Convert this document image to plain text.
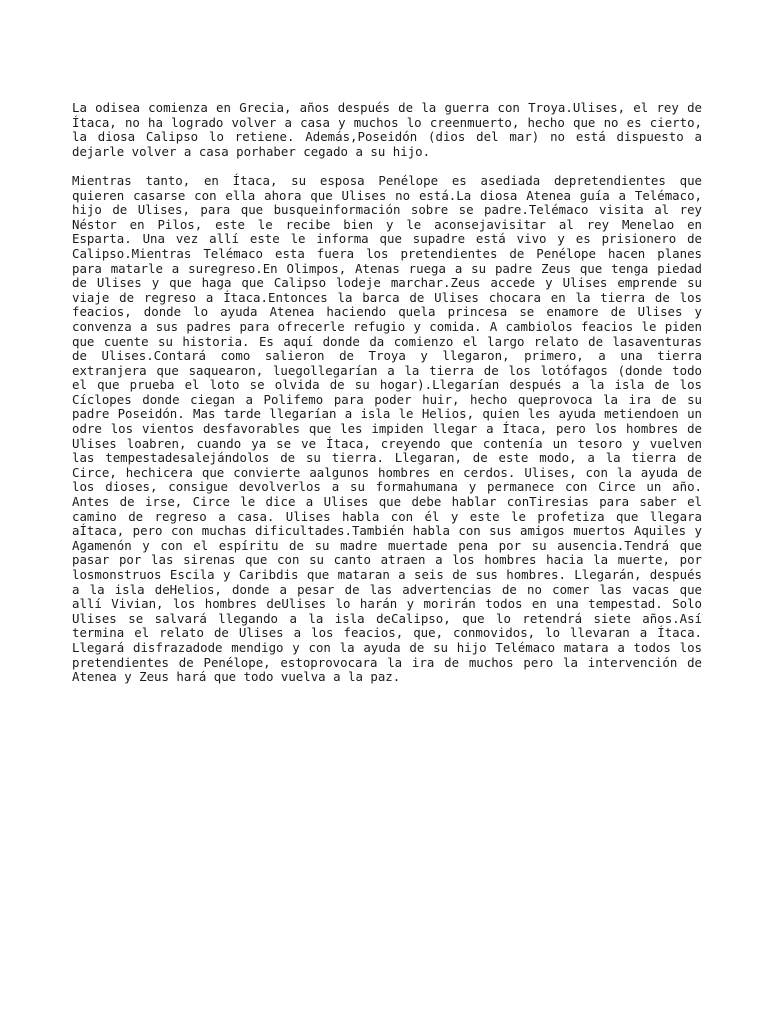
La odisea comienza en Grecia, años después de la guerra con Troya.Ulises, el rey de
Ítaca, no ha logrado volver a casa y muchos lo creenmuerto, hecho que no es cierto,
la diosa Calipso lo retiene. Además,Poseidón (dios del mar) no está dispuesto a
dejarle volver a casa porhaber cegado a su hijo.
Mientras tanto, en Ítaca, su esposa Penélope es asediada depretendientes que
quieren casarse con ella ahora que Ulises no está.La diosa Atenea guía a Telémaco,
hijo de Ulises, para que busqueinformación sobre se padre.Telémaco visita al rey
Néstor en Pilos, este le recibe bien y le aconsejavisitar al rey Menelao en
Esparta. Una vez allí este le informa que supadre está vivo y es prisionero de
Calipso.Mientras Telémaco esta fuera los pretendientes de Penélope hacen planes
para matarle a suregreso.En Olimpos, Atenas ruega a su padre Zeus que tenga piedad
de Ulises y que haga que Calipso lodeje marchar.Zeus accede y Ulises emprende su
viaje de regreso a Ítaca.Entonces la barca de Ulises chocara en la tierra de los
feacios, donde lo ayuda Atenea haciendo quela princesa se enamore de Ulises y
convenza a sus padres para ofrecerle refugio y comida. A cambiolos feacios le piden
que cuente su historia. Es aquí donde da comienzo el largo relato de lasaventuras
de Ulises.Contará como salieron de Troya y llegaron, primero, a una tierra
extranjera que saquearon, luegollegarían a la tierra de los lotófagos (donde todo
el que prueba el loto se olvida de su hogar).Llegarían después a la isla de los
Cíclopes donde ciegan a Polifemo para poder huir, hecho queprovoca la ira de su
padre Poseidón. Mas tarde llegarían a isla le Helios, quien les ayuda metiendoen un
odre los vientos desfavorables que les impiden llegar a Ítaca, pero los hombres de
Ulises loabren, cuando ya se ve Ítaca, creyendo que contenía un tesoro y vuelven
las tempestadesalejándolos de su tierra. Llegaran, de este modo, a la tierra de
Circe, hechicera que convierte aalgunos hombres en cerdos. Ulises, con la ayuda de
los dioses, consigue devolverlos a su formahumana y permanece con Circe un año.
Antes de irse, Circe le dice a Ulises que debe hablar conTiresias para saber el
camino de regreso a casa. Ulises habla con él y este le profetiza que llegara
aÍtaca, pero con muchas dificultades.También habla con sus amigos muertos Aquiles y
Agamenón y con el espíritu de su madre muertade pena por su ausencia.Tendrá que
pasar por las sirenas que con su canto atraen a los hombres hacia la muerte, por
losmonstruos Escila y Caribdis que mataran a seis de sus hombres. Llegarán, después
a la isla deHelios, donde a pesar de las advertencias de no comer las vacas que
allí Vivian, los hombres deUlises lo harán y morirán todos en una tempestad. Solo
Ulises se salvará llegando a la isla deCalipso, que lo retendrá siete años.Así
termina el relato de Ulises a los feacios, que, conmovidos, lo llevaran a Ítaca.
Llegará disfrazadode mendigo y con la ayuda de su hijo Telémaco matara a todos los
pretendientes de Penélope, estoprovocara la ira de muchos pero la intervención de
Atenea y Zeus hará que todo vuelva a la paz.
